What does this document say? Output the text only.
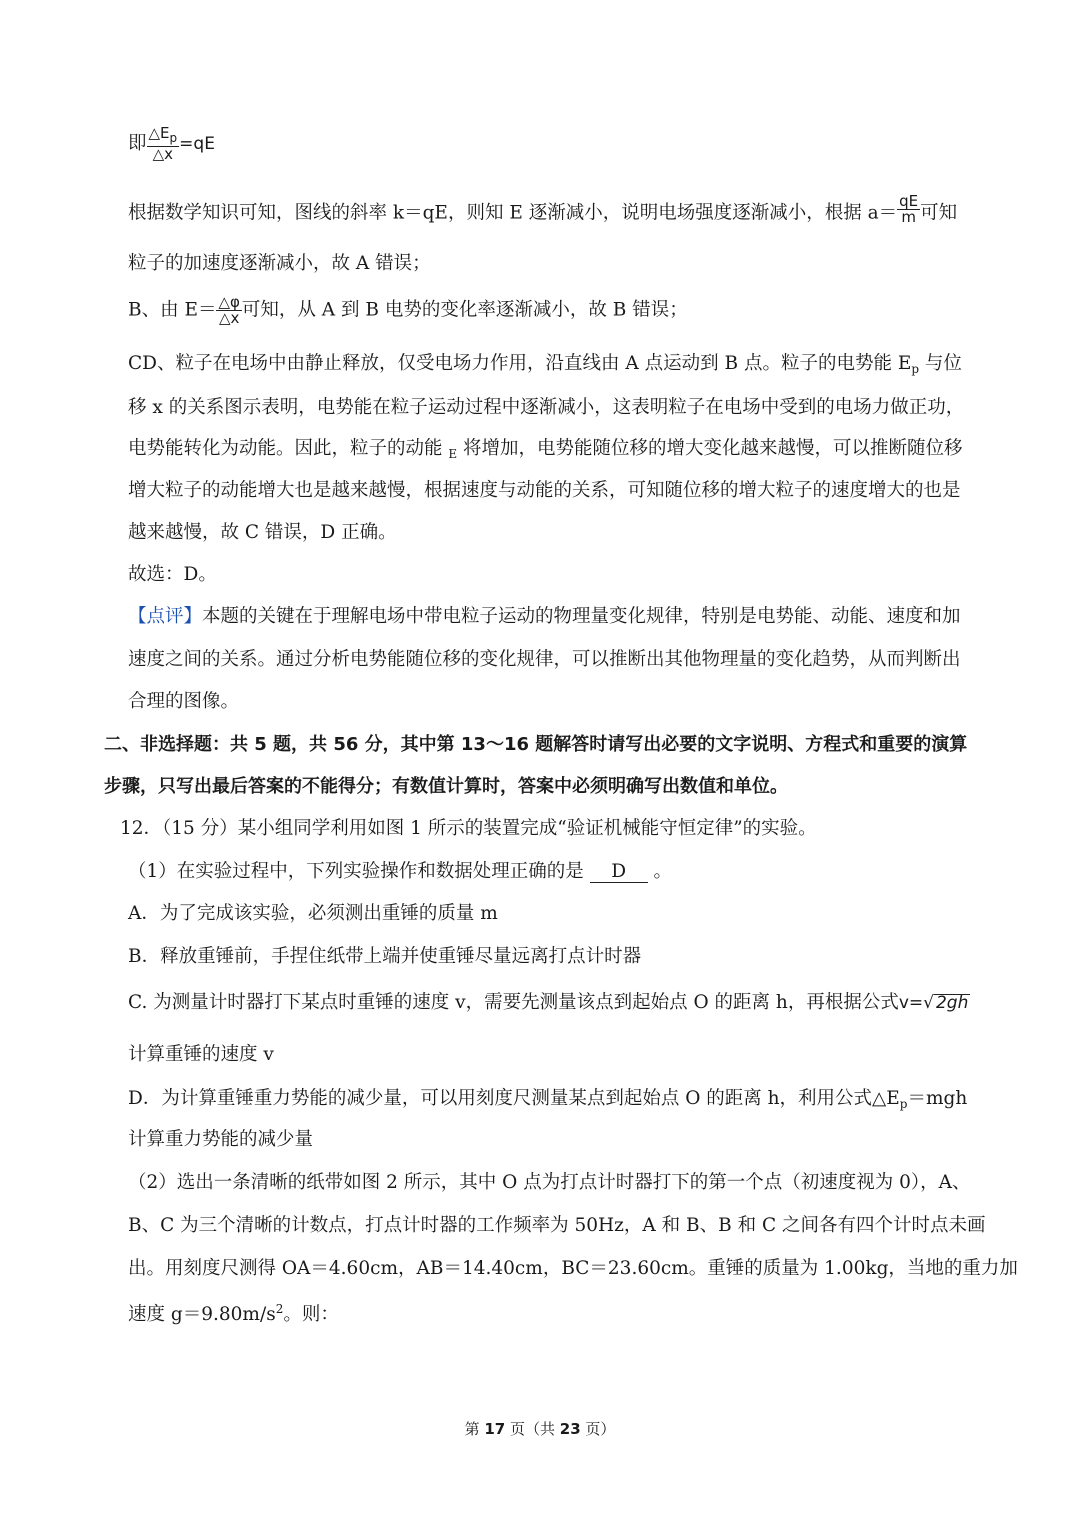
即 $\frac{\triangle E_p}{\triangle x} =qE$
根据数学知识可知，图线的斜率 k＝qE，则知 E 逐渐减小，说明电场强度逐渐减小，根据 $a= \frac{qE}{m}$ 可知
粒子的加速度逐渐减小，故 A 错误；
B、由 $E= \frac{\triangle\varphi}{\triangle x}$ 可知，从 A 到 B 电势的变化率逐渐减小，故 B 错误；
CD、粒子在电场中由静止释放，仅受电场力作用，沿直线由 A 点运动到 B 点。粒子的电势能 $E_p$ 与位
移 x 的关系图示表明，电势能在粒子运动过程中逐渐减小，这表明粒子在电场中受到的电场力做正功，
电势能转化为动能。因此，粒子的动能 $_E$ 将增加，电势能随位移的增大变化越来越慢，可以推断随位移
增大粒子的动能增大也是越来越慢，根据速度与动能的关系，可知随位移的增大粒子的速度增大的也是
越来越慢，故 C 错误，D 正确。
故选：D。
【点评】本题的关键在于理解电场中带电粒子运动的物理量变化规律，特别是电势能、动能、速度和加
速度之间的关系。通过分析电势能随位移的变化规律，可以推断出其他物理量的变化趋势，从而判断出
合理的图像。
二、非选择题：共 5 题，共 56 分，其中第 13～16 题解答时请写出必要的文字说明、方程式和重要的演算
步骤，只写出最后答案的不能得分；有数值计算时，答案中必须明确写出数值和单位。
12．（15 分）某小组同学利用如图 1 所示的装置完成“验证机械能守恒定律”的实验。
（1）在实验过程中，下列实验操作和数据处理正确的是 D 。
A．为了完成该实验，必须测出重锤的质量 m
B．释放重锤前，手捏住纸带上端并使重锤尽量远离打点计时器
C. 为测量计时器打下某点时重锤的速度 v，需要先测量该点到起始点 O 的距离 h，再根据公式v=√ 2gh
计算重锤的速度 v
D．为计算重锤重力势能的减少量，可以用刻度尺测量某点到起始点 O 的距离 h，利用公式$\triangle E_p=mgh$
计算重力势能的减少量
（2）选出一条清晰的纸带如图 2 所示，其中 O 点为打点计时器打下的第一个点（初速度视为 0），A、
B、C 为三个清晰的计数点，打点计时器的工作频率为 50Hz，A 和 B、B 和 C 之间各有四个计时点未画
出。用刻度尺测得 OA＝4.60cm，AB＝14.40cm，BC＝23.60cm。重锤的质量为 1.00kg，当地的重力加
速度 $g=9.80m/s^2$。则：
第 17 页（共 23 页）
